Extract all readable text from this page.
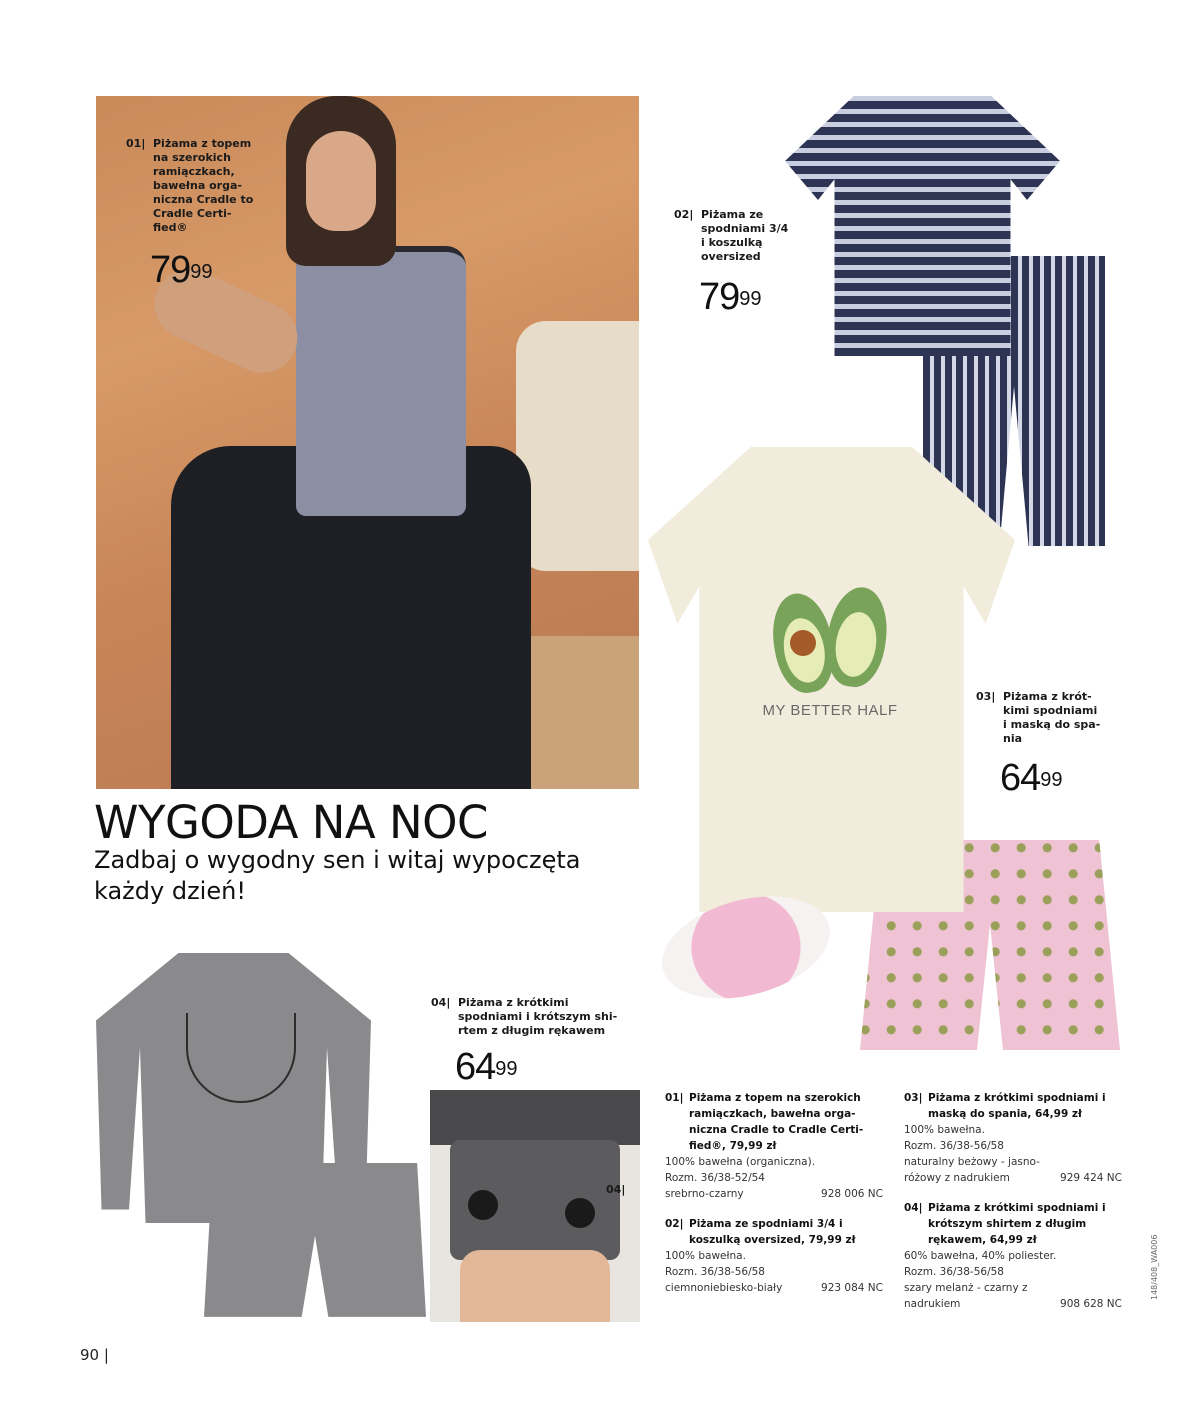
MY BETTER HALF
04|
01| Piżama z topem
na szerokich
ramiączkach,
bawełna orga-
niczna Cradle to
Cradle Certi-
fied®
$79^{99}$
02| Piżama ze
spodniami 3/4
i koszulką
oversized
$79^{99}$
03| Piżama z krót-
kimi spodniami
i maską do spa-
nia
$64^{99}$
04| Piżama z krótkimi
spodniami i krótszym shi-
rtem z długim rękawem
$64^{99}$
WYGODA NA NOC

Zadbaj o wygodny sen i witaj wypoczęta każdy dzień!

01| Piżama z topem na szerokich
ramiączkach, bawełna orga-
niczna Cradle to Cradle Certi-
fied®, 79,99 zł
100% bawełna (organiczna).
Rozm. 36/38-52/54
srebrno-czarny	928 006 NC
02| Piżama ze spodniami 3/4 i
koszulką oversized, 79,99 zł
100% bawełna.
Rozm. 36/38-56/58
ciemnoniebiesko-biały	923 084 NC
03| Piżama z krótkimi spodniami i
maską do spania, 64,99 zł
100% bawełna.
Rozm. 36/38-56/58
naturalny beżowy - jasno-
różowy z nadrukiem	929 424 NC
04| Piżama z krótkimi spodniami i
krótszym shirtem z długim
rękawem, 64,99 zł
60% bawełna, 40% poliester.
Rozm. 36/38-56/58
szary melanż - czarny z
nadrukiem	908 628 NC
90 |
148/408_WA006
